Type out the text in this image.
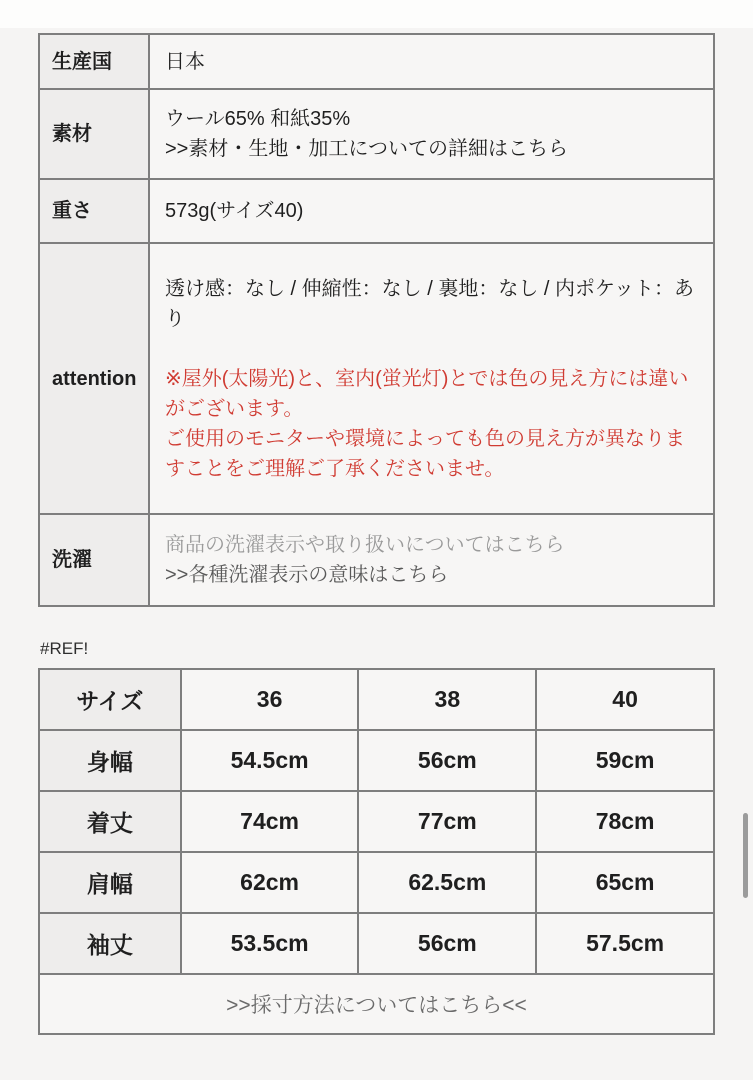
生産国	日本

素材	ウール65% 和紙35%
>>素材・生地・加工についての詳細はこちら

重さ	573g(サイズ40)

attention	透け感：なし / 伸縮性：なし / 裏地：なし / 内ポケット：あり
※屋外(太陽光)と、室内(蛍光灯)とでは色の見え方には違いがございます。
ご使用のモニターや環境によっても色の見え方が異なりますことをご理解ご了承くださいませ。

洗濯	商品の洗濯表示や取り扱いについてはこちら
>>各種洗濯表示の意味はこちら
#REF!
サイズ	36	38	40
身幅	54.5cm	56cm	59cm
着丈	74cm	77cm	78cm
肩幅	62cm	62.5cm	65cm
袖丈	53.5cm	56cm	57.5cm
>>採寸方法についてはこちら<<			
